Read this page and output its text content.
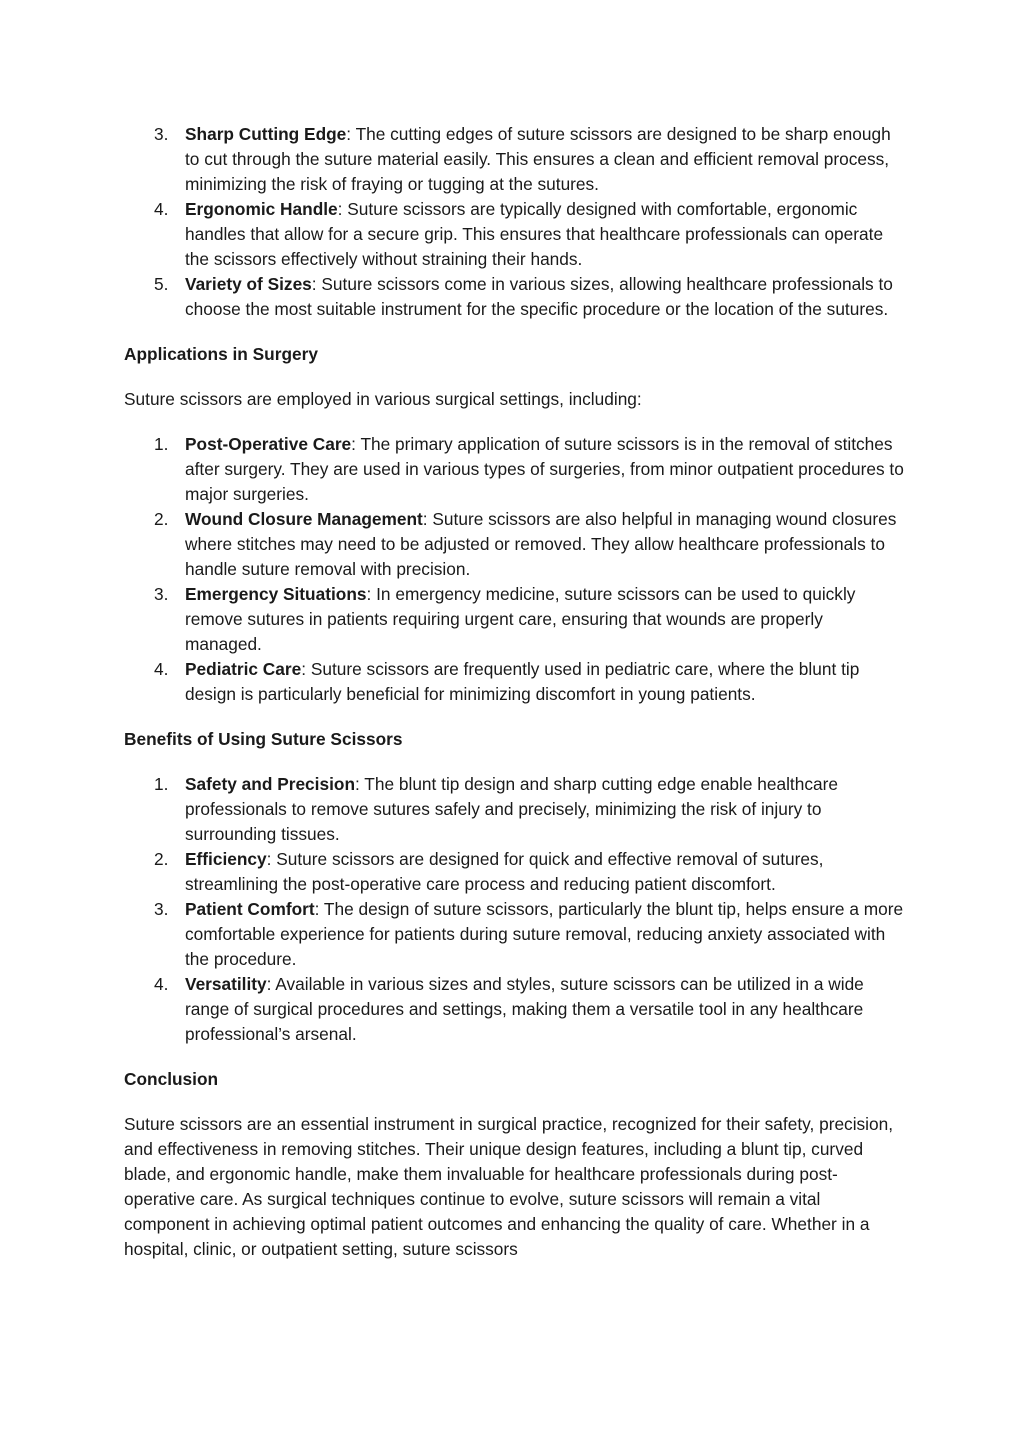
3. Sharp Cutting Edge: The cutting edges of suture scissors are designed to be sharp enough to cut through the suture material easily. This ensures a clean and efficient removal process, minimizing the risk of fraying or tugging at the sutures.
4. Ergonomic Handle: Suture scissors are typically designed with comfortable, ergonomic handles that allow for a secure grip. This ensures that healthcare professionals can operate the scissors effectively without straining their hands.
5. Variety of Sizes: Suture scissors come in various sizes, allowing healthcare professionals to choose the most suitable instrument for the specific procedure or the location of the sutures.
Applications in Surgery

Suture scissors are employed in various surgical settings, including:

1. Post-Operative Care: The primary application of suture scissors is in the removal of stitches after surgery. They are used in various types of surgeries, from minor outpatient procedures to major surgeries.
2. Wound Closure Management: Suture scissors are also helpful in managing wound closures where stitches may need to be adjusted or removed. They allow healthcare professionals to handle suture removal with precision.
3. Emergency Situations: In emergency medicine, suture scissors can be used to quickly remove sutures in patients requiring urgent care, ensuring that wounds are properly managed.
4. Pediatric Care: Suture scissors are frequently used in pediatric care, where the blunt tip design is particularly beneficial for minimizing discomfort in young patients.
Benefits of Using Suture Scissors
1. Safety and Precision: The blunt tip design and sharp cutting edge enable healthcare professionals to remove sutures safely and precisely, minimizing the risk of injury to surrounding tissues.
2. Efficiency: Suture scissors are designed for quick and effective removal of sutures, streamlining the post-operative care process and reducing patient discomfort.
3. Patient Comfort: The design of suture scissors, particularly the blunt tip, helps ensure a more comfortable experience for patients during suture removal, reducing anxiety associated with the procedure.
4. Versatility: Available in various sizes and styles, suture scissors can be utilized in a wide range of surgical procedures and settings, making them a versatile tool in any healthcare professional’s arsenal.
Conclusion

Suture scissors are an essential instrument in surgical practice, recognized for their safety, precision, and effectiveness in removing stitches. Their unique design features, including a blunt tip, curved blade, and ergonomic handle, make them invaluable for healthcare professionals during post-operative care. As surgical techniques continue to evolve, suture scissors will remain a vital component in achieving optimal patient outcomes and enhancing the quality of care. Whether in a hospital, clinic, or outpatient setting, suture scissors
